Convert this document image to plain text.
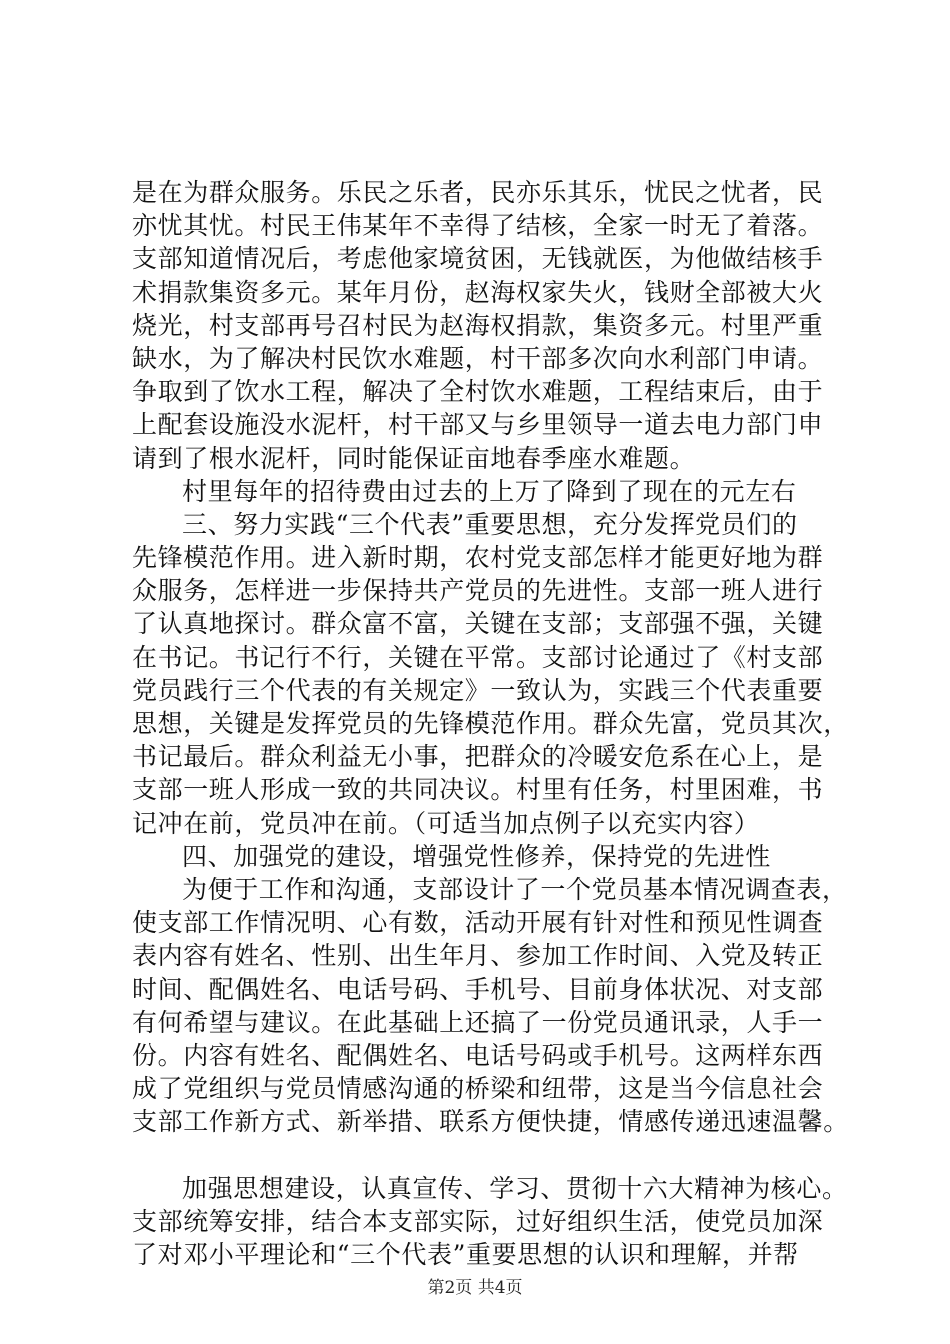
是在为群众服务。乐民之乐者，民亦乐其乐，忧民之忧者，民
亦忧其忧。村民王伟某年不幸得了结核，全家一时无了着落。
支部知道情况后，考虑他家境贫困，无钱就医，为他做结核手
术捐款集资多元。某年月份，赵海权家失火，钱财全部被大火
烧光，村支部再号召村民为赵海权捐款，集资多元。村里严重
缺水，为了解决村民饮水难题，村干部多次向水利部门申请。
争取到了饮水工程，解决了全村饮水难题，工程结束后，由于
上配套设施没水泥杆，村干部又与乡里领导一道去电力部门申
请到了根水泥杆，同时能保证亩地春季座水难题。
村里每年的招待费由过去的上万了降到了现在的元左右
三、努力实践“三个代表”重要思想，充分发挥党员们的
先锋模范作用。进入新时期，农村党支部怎样才能更好地为群
众服务，怎样进一步保持共产党员的先进性。支部一班人进行
了认真地探讨。群众富不富，关键在支部；支部强不强，关键
在书记。书记行不行，关键在平常。支部讨论通过了《村支部
党员践行三个代表的有关规定》一致认为，实践三个代表重要
思想，关键是发挥党员的先锋模范作用。群众先富，党员其次，
书记最后。群众利益无小事，把群众的冷暖安危系在心上，是
支部一班人形成一致的共同决议。村里有任务，村里困难，书
记冲在前，党员冲在前。（可适当加点例子以充实内容）
四、加强党的建设，增强党性修养，保持党的先进性
为便于工作和沟通，支部设计了一个党员基本情况调查表，
使支部工作情况明、心有数，活动开展有针对性和预见性调查
表内容有姓名、性别、出生年月、参加工作时间、入党及转正
时间、配偶姓名、电话号码、手机号、目前身体状况、对支部
有何希望与建议。在此基础上还搞了一份党员通讯录，人手一
份。内容有姓名、配偶姓名、电话号码或手机号。这两样东西
成了党组织与党员情感沟通的桥梁和纽带，这是当今信息社会
支部工作新方式、新举措、联系方便快捷，情感传递迅速温馨。
加强思想建设，认真宣传、学习、贯彻十六大精神为核心。
支部统筹安排，结合本支部实际，过好组织生活，使党员加深
了对邓小平理论和“三个代表”重要思想的认识和理解，并帮
第2页 共4页
